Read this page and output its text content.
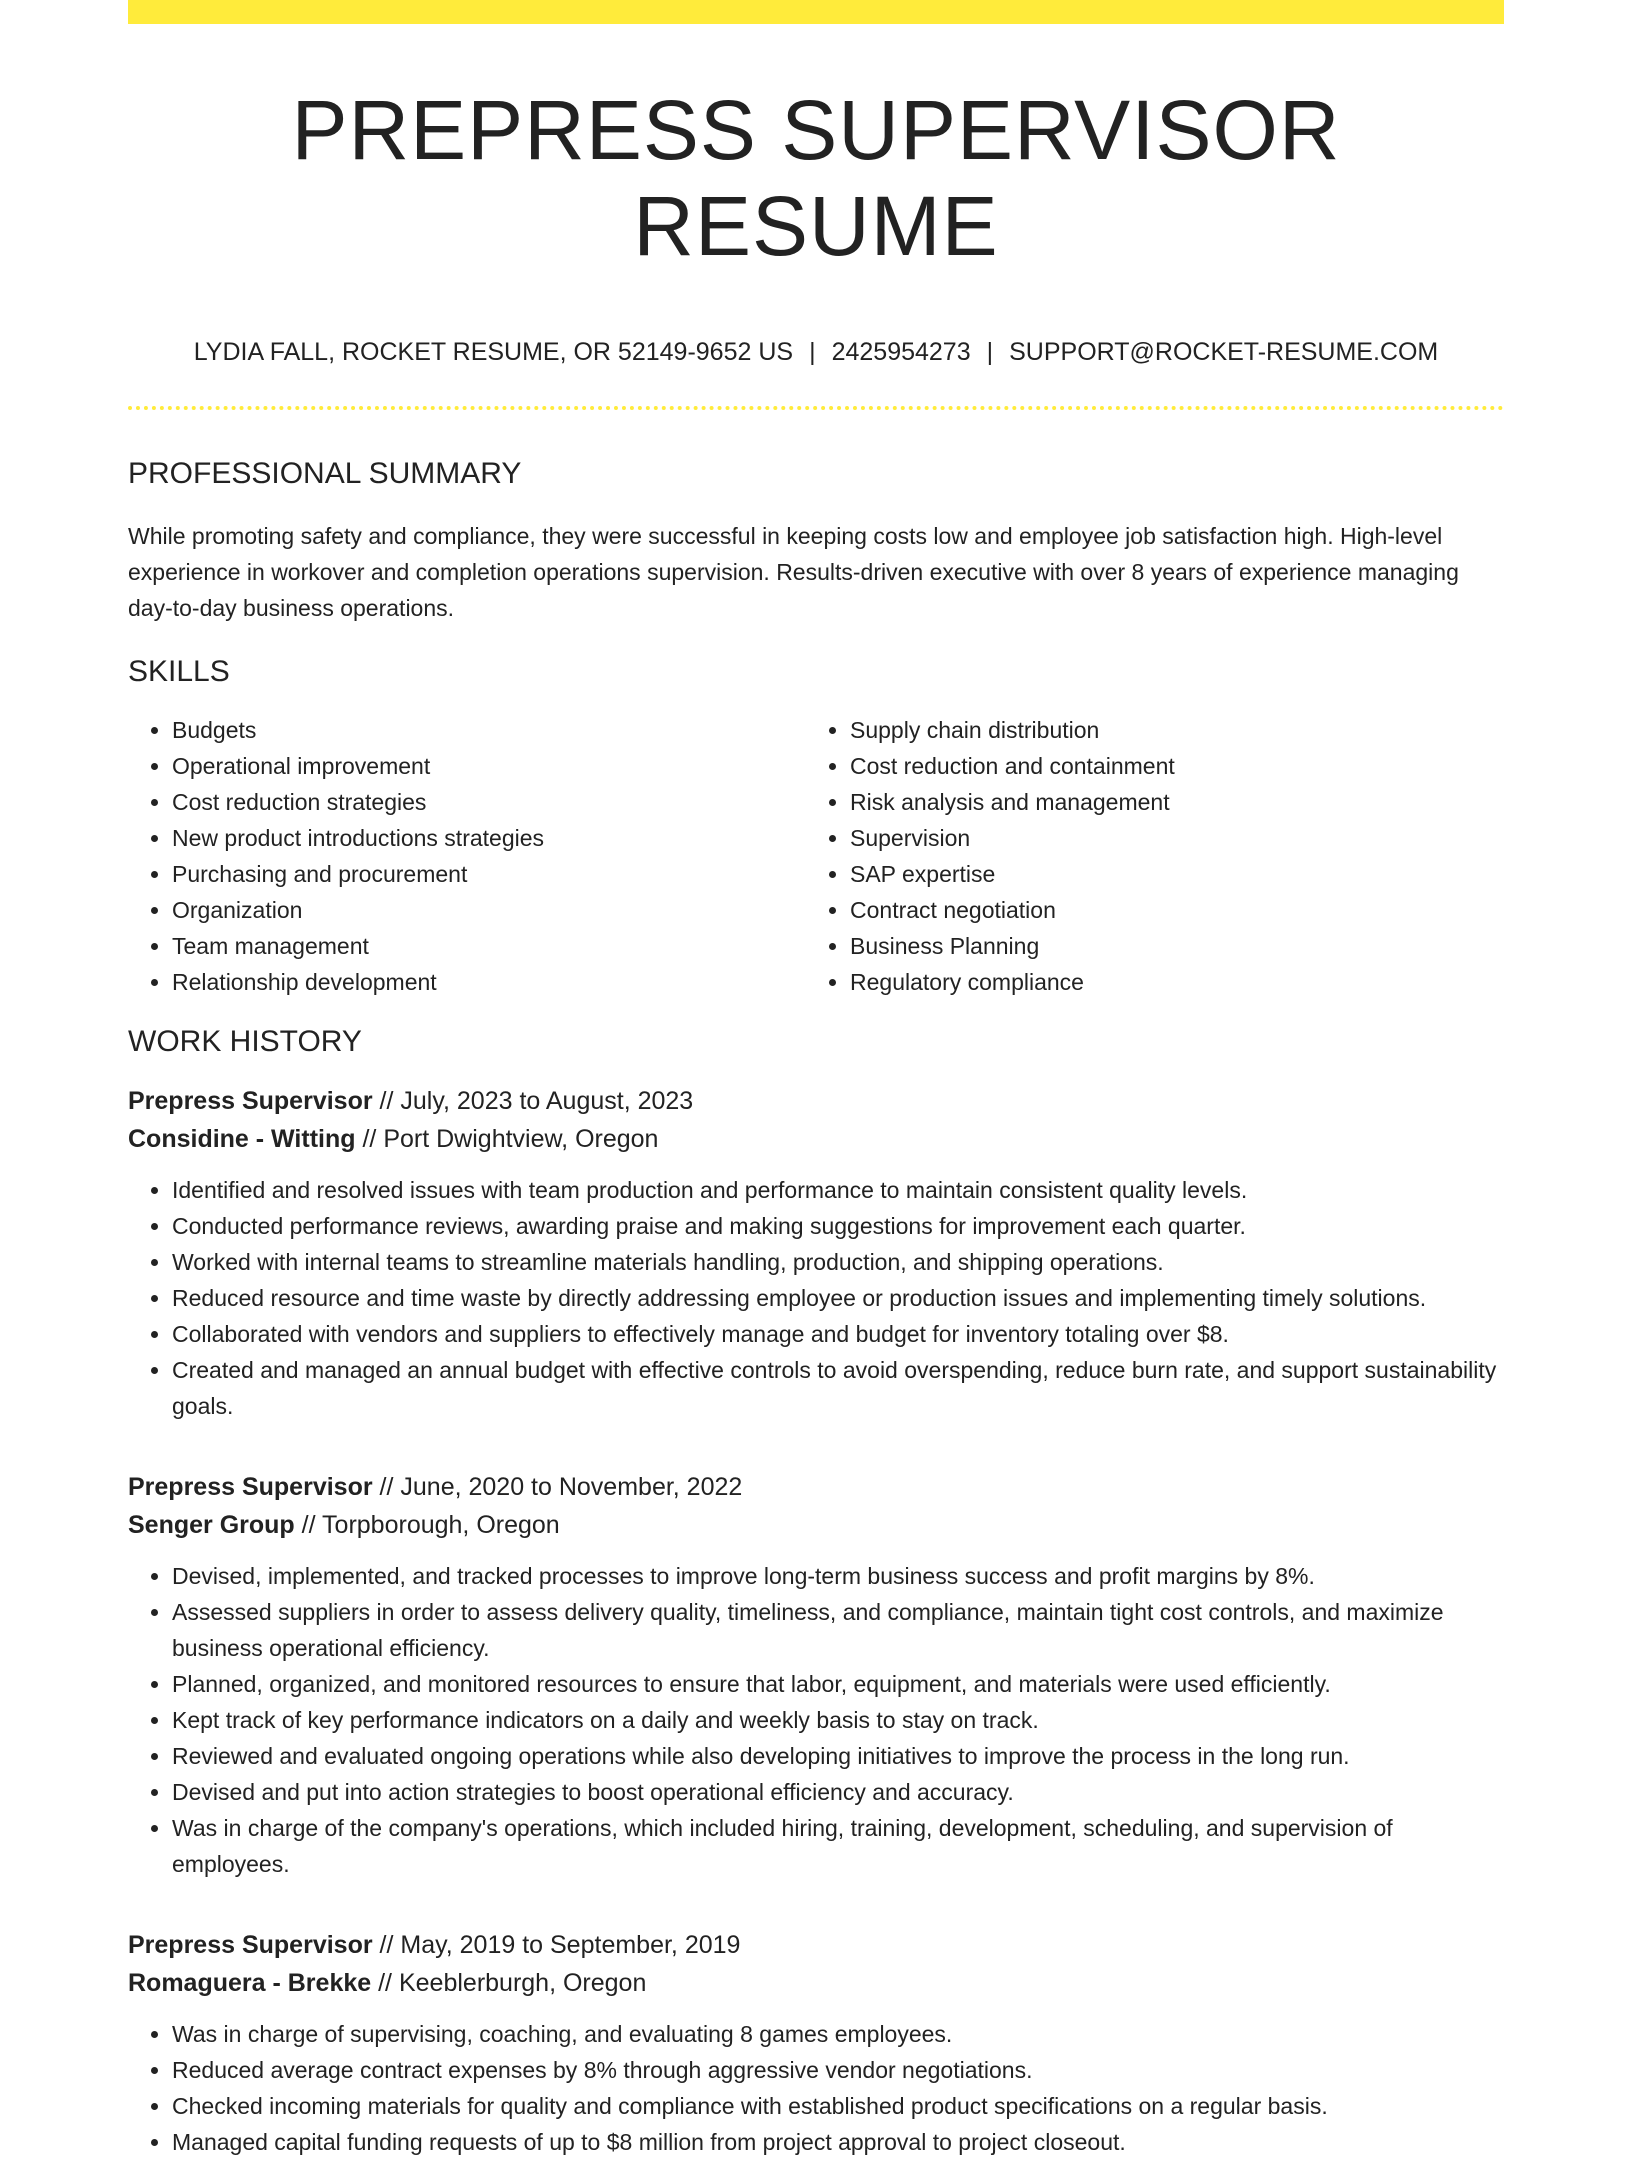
PREPRESS SUPERVISOR RESUME
LYDIA FALL, ROCKET RESUME, OR 52149-9652 US | 2425954273 | SUPPORT@ROCKET-RESUME.COM
PROFESSIONAL SUMMARY

While promoting safety and compliance, they were successful in keeping costs low and employee job satisfaction high. High-level experience in workover and completion operations supervision. Results-driven executive with over 8 years of experience managing day-to-day business operations.

SKILLS
• Budgets
• Operational improvement
• Cost reduction strategies
• New product introductions strategies
• Purchasing and procurement
• Organization
• Team management
• Relationship development
• Supply chain distribution
• Cost reduction and containment
• Risk analysis and management
• Supervision
• SAP expertise
• Contract negotiation
• Business Planning
• Regulatory compliance
WORK HISTORY
Prepress Supervisor // July, 2023 to August, 2023
Considine - Witting // Port Dwightview, Oregon
• Identified and resolved issues with team production and performance to maintain consistent quality levels.
• Conducted performance reviews, awarding praise and making suggestions for improvement each quarter.
• Worked with internal teams to streamline materials handling, production, and shipping operations.
• Reduced resource and time waste by directly addressing employee or production issues and implementing timely solutions.
• Collaborated with vendors and suppliers to effectively manage and budget for inventory totaling over $8.
• Created and managed an annual budget with effective controls to avoid overspending, reduce burn rate, and support sustainability goals.
Prepress Supervisor // June, 2020 to November, 2022
Senger Group // Torpborough, Oregon
• Devised, implemented, and tracked processes to improve long-term business success and profit margins by 8%.
• Assessed suppliers in order to assess delivery quality, timeliness, and compliance, maintain tight cost controls, and maximize business operational efficiency.
• Planned, organized, and monitored resources to ensure that labor, equipment, and materials were used efficiently.
• Kept track of key performance indicators on a daily and weekly basis to stay on track.
• Reviewed and evaluated ongoing operations while also developing initiatives to improve the process in the long run.
• Devised and put into action strategies to boost operational efficiency and accuracy.
• Was in charge of the company's operations, which included hiring, training, development, scheduling, and supervision of employees.
Prepress Supervisor // May, 2019 to September, 2019
Romaguera - Brekke // Keeblerburgh, Oregon
• Was in charge of supervising, coaching, and evaluating 8 games employees.
• Reduced average contract expenses by 8% through aggressive vendor negotiations.
• Checked incoming materials for quality and compliance with established product specifications on a regular basis.
• Managed capital funding requests of up to $8 million from project approval to project closeout.
